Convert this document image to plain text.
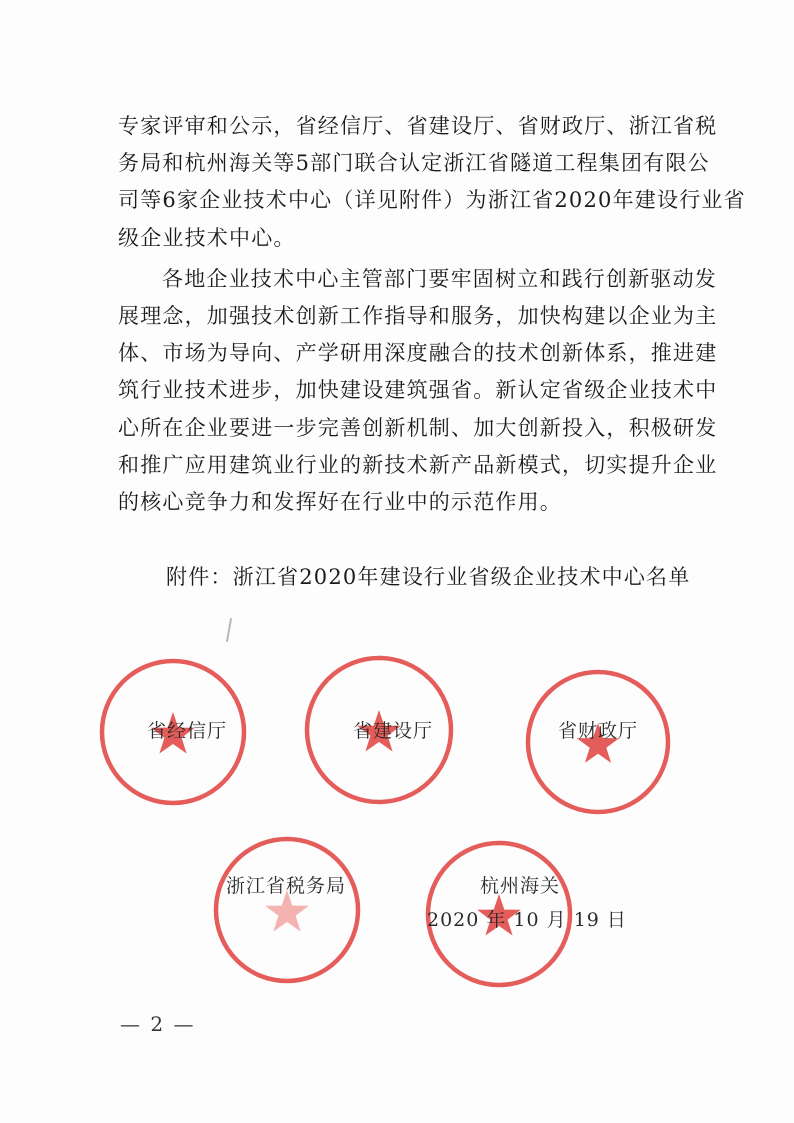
专家评审和公示，省经信厅、省建设厅、省财政厅、浙江省税
务局和杭州海关等5部门联合认定浙江省隧道工程集团有限公
司等6家企业技术中心（详见附件）为浙江省2020年建设行业省
级企业技术中心。
各地企业技术中心主管部门要牢固树立和践行创新驱动发
展理念，加强技术创新工作指导和服务，加快构建以企业为主
体、市场为导向、产学研用深度融合的技术创新体系，推进建
筑行业技术进步，加快建设建筑强省。新认定省级企业技术中
心所在企业要进一步完善创新机制、加大创新投入，积极研发
和推广应用建筑业行业的新技术新产品新模式，切实提升企业
的核心竞争力和发挥好在行业中的示范作用。
附件：浙江省2020年建设行业省级企业技术中心名单
省经信厅	省建设厅	省财政厅
浙江省税务局	杭州海关
2020 年 10 月 19 日
— 2 —
